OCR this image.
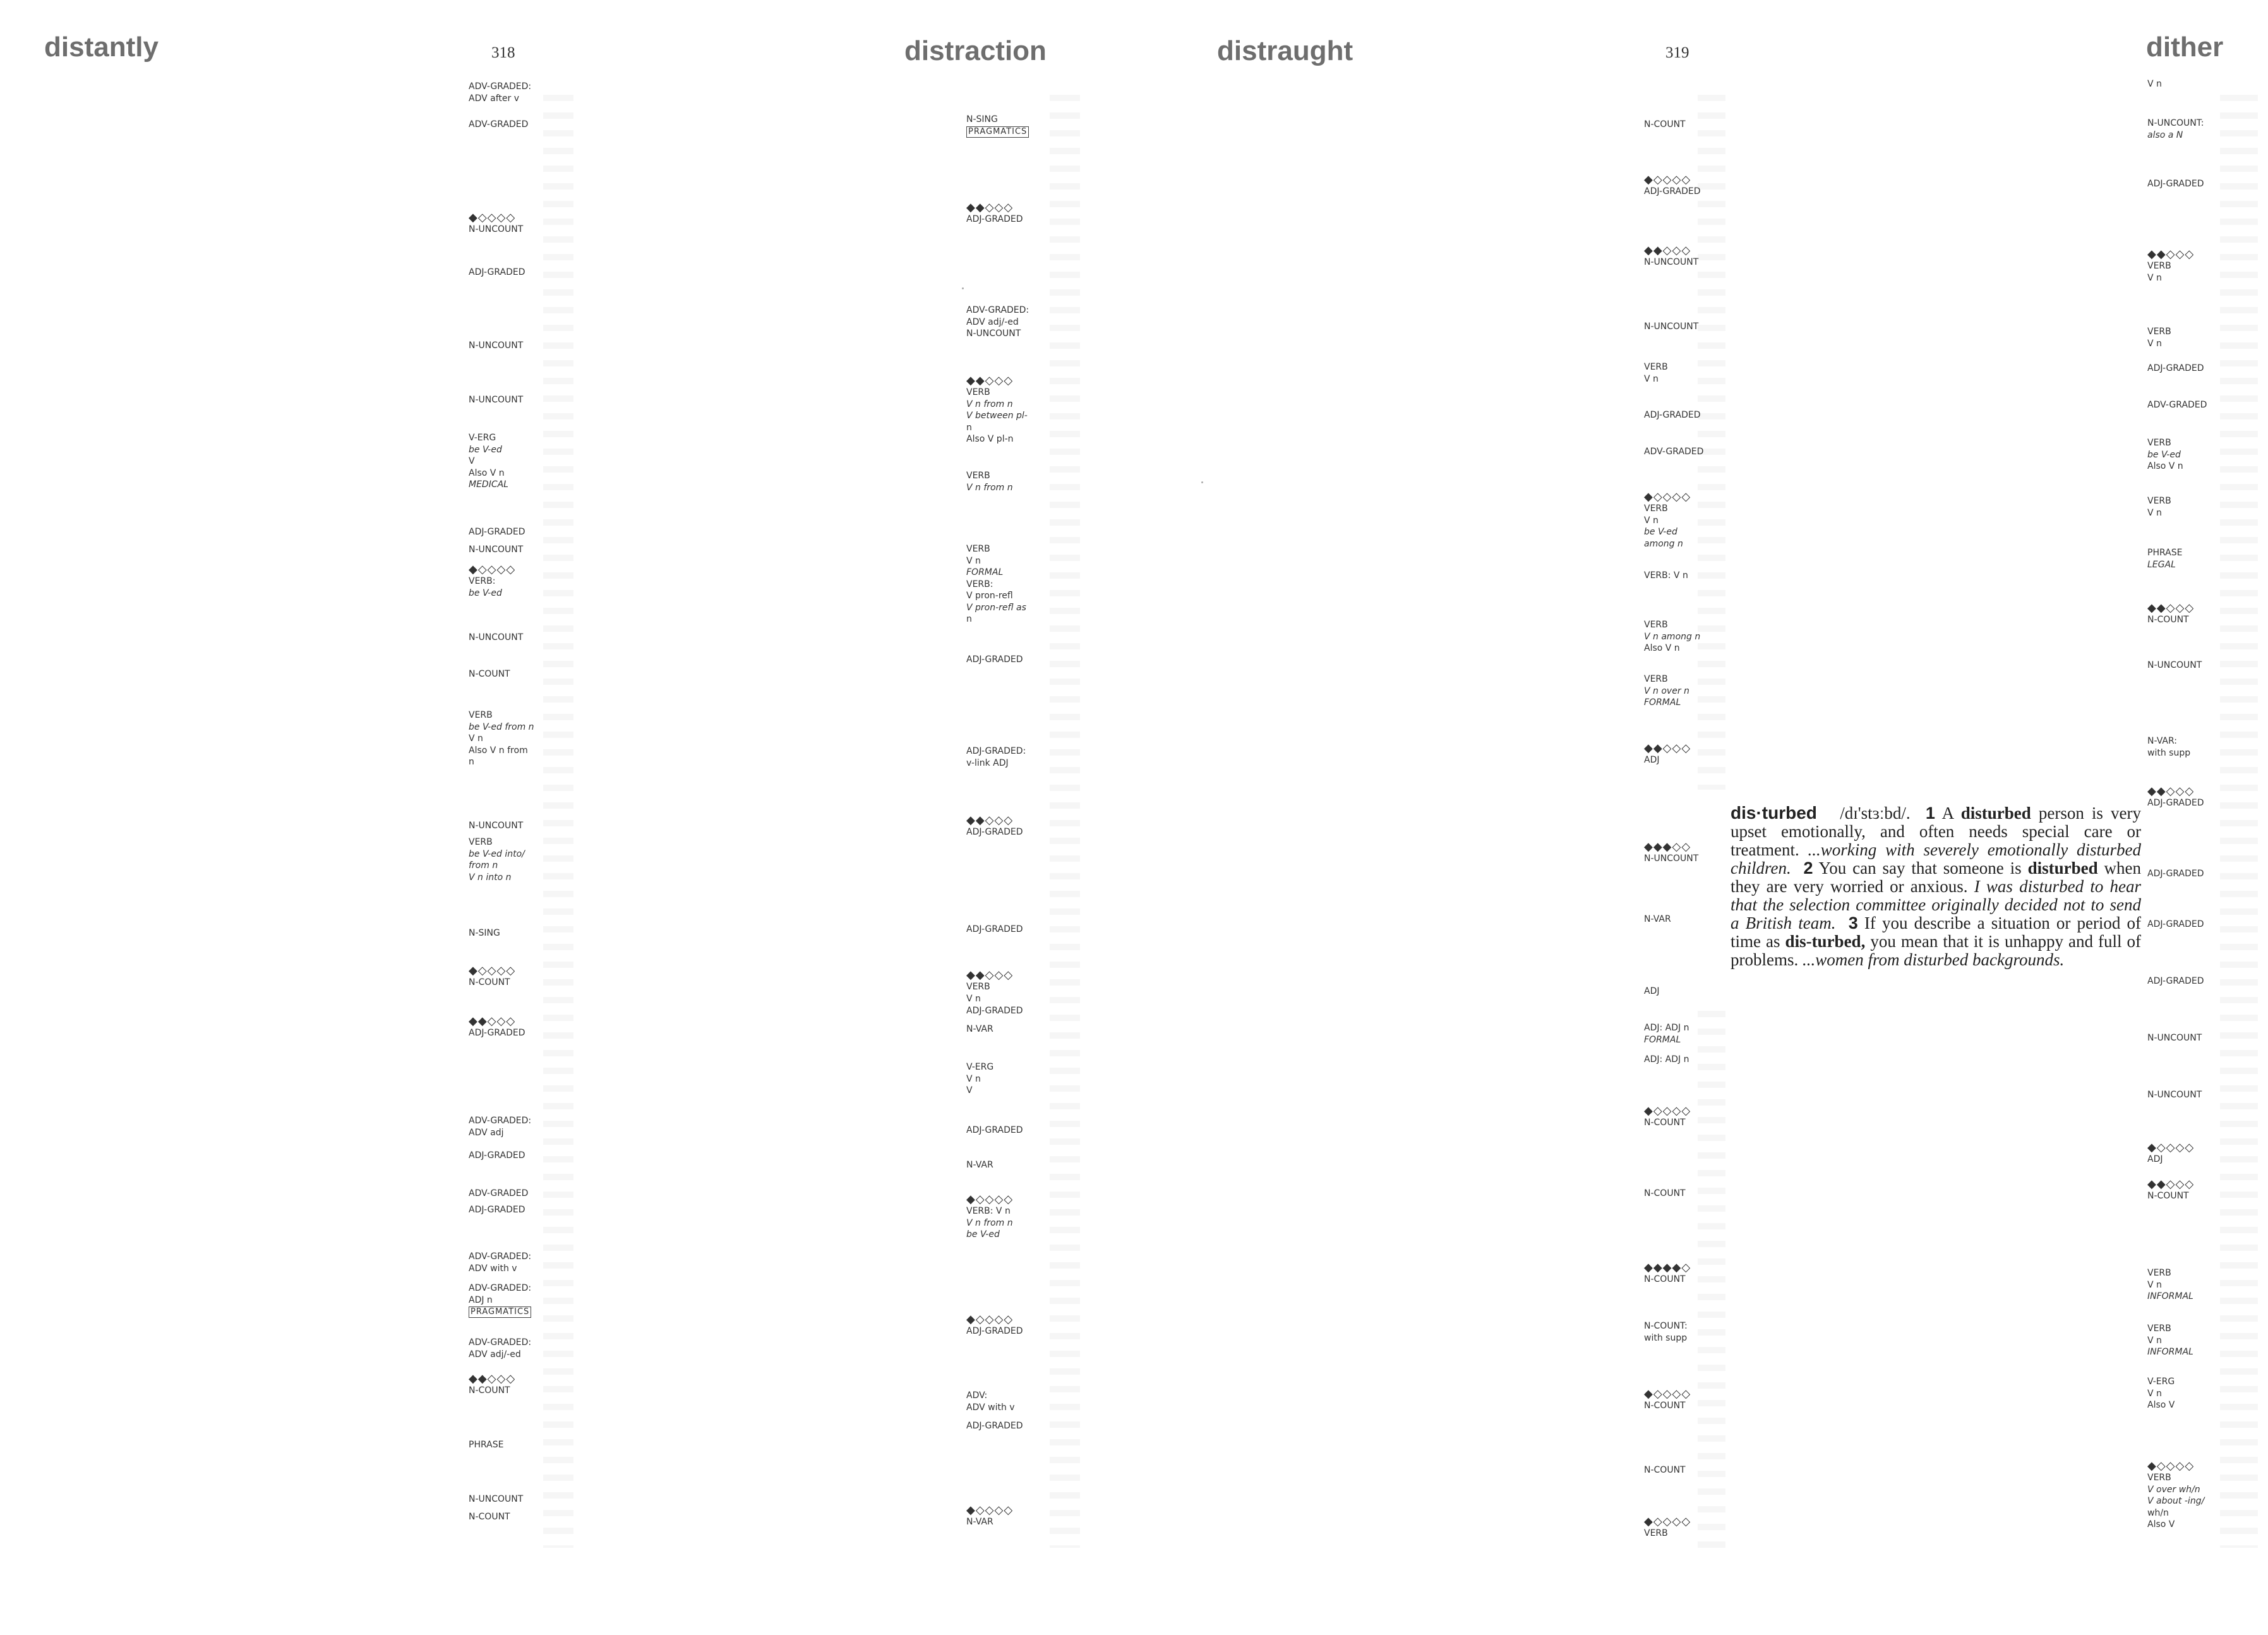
distantly	318	distraction	distraught	319	dither
ADV-GRADED:
ADV after v
ADV-GRADED
◆◇◇◇◇
N-UNCOUNT
ADJ-GRADED
N-UNCOUNT
N-UNCOUNT
V-ERG
be V-ed
V
Also V n
MEDICAL
ADJ-GRADED
N-UNCOUNT
◆◇◇◇◇
VERB:
be V-ed
N-UNCOUNT
N-COUNT
VERB
be V-ed from n
V n
Also V n from
n
N-UNCOUNT
VERB
be V-ed into/
from n
V n into n
N-SING
◆◇◇◇◇
N-COUNT
◆◆◇◇◇
ADJ-GRADED
ADV-GRADED:
ADV adj
ADJ-GRADED
ADV-GRADED
ADJ-GRADED
ADV-GRADED:
ADV with v
ADV-GRADED:
ADJ n
PRAGMATICS
ADV-GRADED:
ADV adj/-ed
◆◆◇◇◇
N-COUNT
PHRASE
N-UNCOUNT
N-COUNT
N-SING
PRAGMATICS
◆◆◇◇◇
ADJ-GRADED
ADV-GRADED:
ADV adj/-ed
N-UNCOUNT
◆◆◇◇◇
VERB
V n from n
V between pl-
n
Also V pl-n
VERB
V n from n
VERB
V n
FORMAL
VERB:
V pron-refl
V pron-refl as
n
ADJ-GRADED
ADJ-GRADED:
v-link ADJ
◆◆◇◇◇
ADJ-GRADED
ADJ-GRADED
◆◆◇◇◇
VERB
V n
ADJ-GRADED
N-VAR
V-ERG
V n
V
ADJ-GRADED
N-VAR
◆◇◇◇◇
VERB: V n
V n from n
be V-ed
◆◇◇◇◇
ADJ-GRADED
ADV:
ADV with v
ADJ-GRADED
◆◇◇◇◇
N-VAR
N-COUNT
◆◇◇◇◇
ADJ-GRADED
◆◆◇◇◇
N-UNCOUNT
N-UNCOUNT
VERB
V n
ADJ-GRADED
ADV-GRADED
◆◇◇◇◇
VERB
V n
be V-ed
among n
VERB: V n
VERB
V n among n
Also V n
VERB
V n over n
FORMAL
◆◆◇◇◇
ADJ
◆◆◆◇◇
N-UNCOUNT
N-VAR
ADJ
ADJ: ADJ n
FORMAL
ADJ: ADJ n
◆◇◇◇◇
N-COUNT
N-COUNT
◆◆◆◆◇
N-COUNT
N-COUNT:
with supp
◆◇◇◇◇
N-COUNT
N-COUNT
◆◇◇◇◇
VERB
V n
N-UNCOUNT:
also a N
ADJ-GRADED
◆◆◇◇◇
VERB
V n
VERB
V n
ADJ-GRADED
ADV-GRADED
VERB
be V-ed
Also V n
VERB
V n
PHRASE
LEGAL
◆◆◇◇◇
N-COUNT
N-UNCOUNT
N-VAR:
with supp
◆◆◇◇◇
ADJ-GRADED
ADJ-GRADED
ADJ-GRADED
ADJ-GRADED
N-UNCOUNT
N-UNCOUNT
◆◇◇◇◇
ADJ
◆◆◇◇◇
N-COUNT
VERB
V n
INFORMAL
VERB
V n
INFORMAL
V-ERG
V n
Also V
◆◇◇◇◇
VERB
V over wh/n
V about -ing/
wh/n
Also V
dis·turbed /dɪ'stɜːbd/. 1 A disturbed person is very upset emotionally, and often needs special care or treatment. ...working with severely emotionally disturbed children. 2 You can say that someone is disturbed when they are very worried or anxious. I was disturbed to hear that the selection committee originally decided not to send a British team. 3 If you describe a situation or period of time as dis-turbed, you mean that it is unhappy and full of problems. ...women from disturbed backgrounds.
